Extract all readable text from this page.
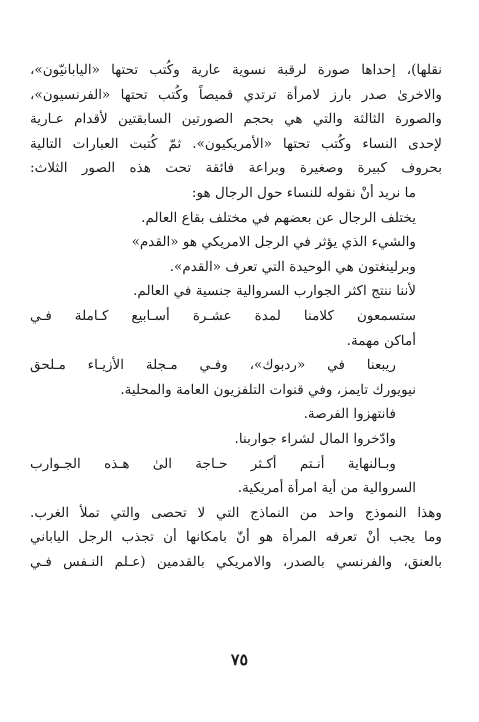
نقلها)، إحداها صورة لرقبة نسوية عارية وكُتب تحتها «اليابانيّون»،
والاخرىٰ صدر بارز لامرأة ترتدي قميصاً وكُتب تحتها «الفرنسيون»،
والصورة الثالثة والتي هي بحجم الصورتين السابقتين لأقدام عـارية
لإحدى النساء وكُتب تحتها «الأمريكيون». ثمّ كُتبت العبارات التالية
بحروف كبيرة وصغيرة وبراعة فائقة تحت هذه الصور الثلاث:
ما نريد أنْ نقوله للنساء حول الرجال هو:
يختلف الرجال عن بعضهم في مختلف بقاع العالم.
والشيء الذي يؤثر في الرجل الامريكي هو «القدم»
وبرلينغتون هي الوحيدة التي تعرف «القدم».
لأننا ننتج اكثر الجوارب السروالية جنسية في العالم.
ستسمعون كلامنا لمدة عشـرة أسـابيع كـاملة فـي
أماكن مهمة.
ريبعنا في «ردبوك»، وفـي مـجلة الأزيـاء مـلحق
نيويورك تايمز، وفي قنوات التلفزيون العامة والمحلية.
فانتهزوا الفرصة.
وادّخروا المال لشراء جواربنا.
وبـالنهاية أنـتم أكـثر حـاجة الىٰ هـذه الجـوارب
السروالية من أية امرأة أمريكية.
وهذا النموذج واحد من النماذج التي لا تحصى والتي تملأ الغرب.
وما يجب أنْ تعرفه المرأة هو أنّ بامكانها أن تجذب الرجل الياباني
بالعنق، والفرنسي بالصدر، والامريكي بالقدمين (عـلم النـفس فـي
٧٥
